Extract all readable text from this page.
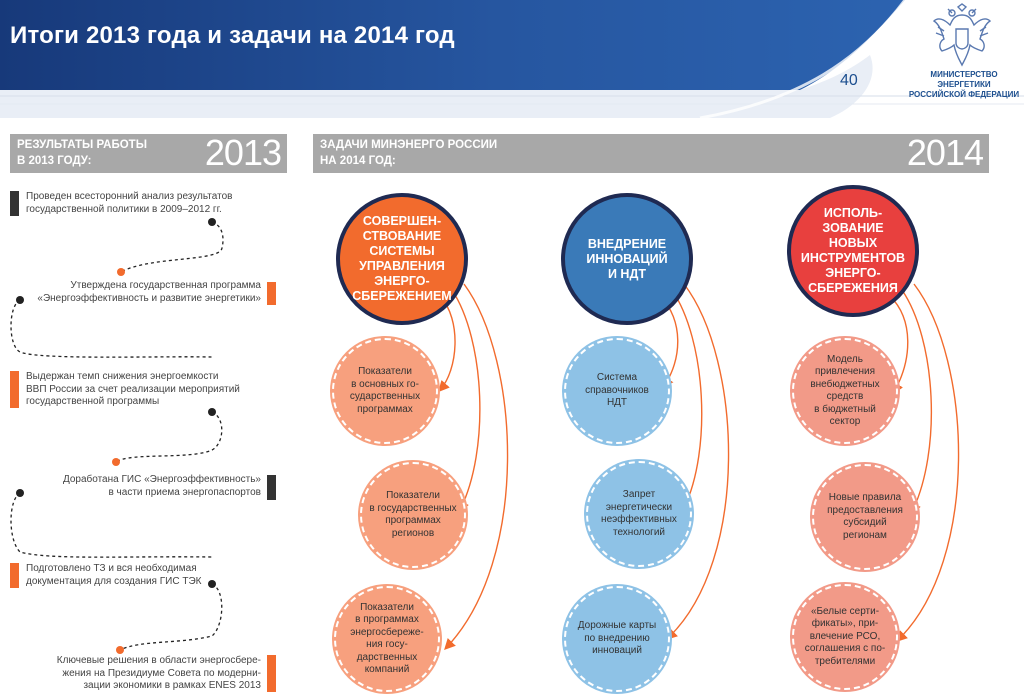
Итоги 2013 года и задачи на 2014 год
40	МИНИСТЕРСТВО ЭНЕРГЕТИКИ
РОССИЙСКОЙ ФЕДЕРАЦИИ
РЕЗУЛЬТАТЫ РАБОТЫ
В 2013 ГОДУ:	2013	ЗАДАЧИ МИНЭНЕРГО РОССИИ
НА 2014 ГОД:	2014
Проведен всесторонний анализ результатов
государственной политики в 2009–2012 гг.
Утверждена государственная программа
«Энергоэффективность и развитие энергетики»
Выдержан темп снижения энергоемкости
ВВП России за счет реализации мероприятий
государственной программы
Доработана ГИС «Энергоэффективность»
в части приема энергопаспортов
Подготовлено ТЗ и вся необходимая
документация для создания ГИС ТЭК
Ключевые решения в области энергосбере-
жения на Президиуме Совета по модерни-
зации экономики в рамках ENES 2013
СОВЕРШЕН-
СТВОВАНИЕ
СИСТЕМЫ
УПРАВЛЕНИЯ
ЭНЕРГО-
СБЕРЕЖЕНИЕМ
Показатели
в основных го-
сударственных
программах
Показатели
в государственных
программах
регионов
Показатели
в программах
энергосбереже-
ния госу-
дарственных
компаний
ВНЕДРЕНИЕ
ИННОВАЦИЙ
И НДТ
Система
справочников
НДТ
Запрет
энергетически
неэффективных
технологий
Дорожные карты
по внедрению
инноваций
ИСПОЛЬ-
ЗОВАНИЕ
НОВЫХ
ИНСТРУМЕНТОВ
ЭНЕРГО-
СБЕРЕЖЕНИЯ
Модель
привлечения
внебюджетных
средств
в бюджетный
сектор
Новые правила
предоставления
субсидий
регионам
«Белые серти-
фикаты», при-
влечение РСО,
соглашения с по-
требителями
